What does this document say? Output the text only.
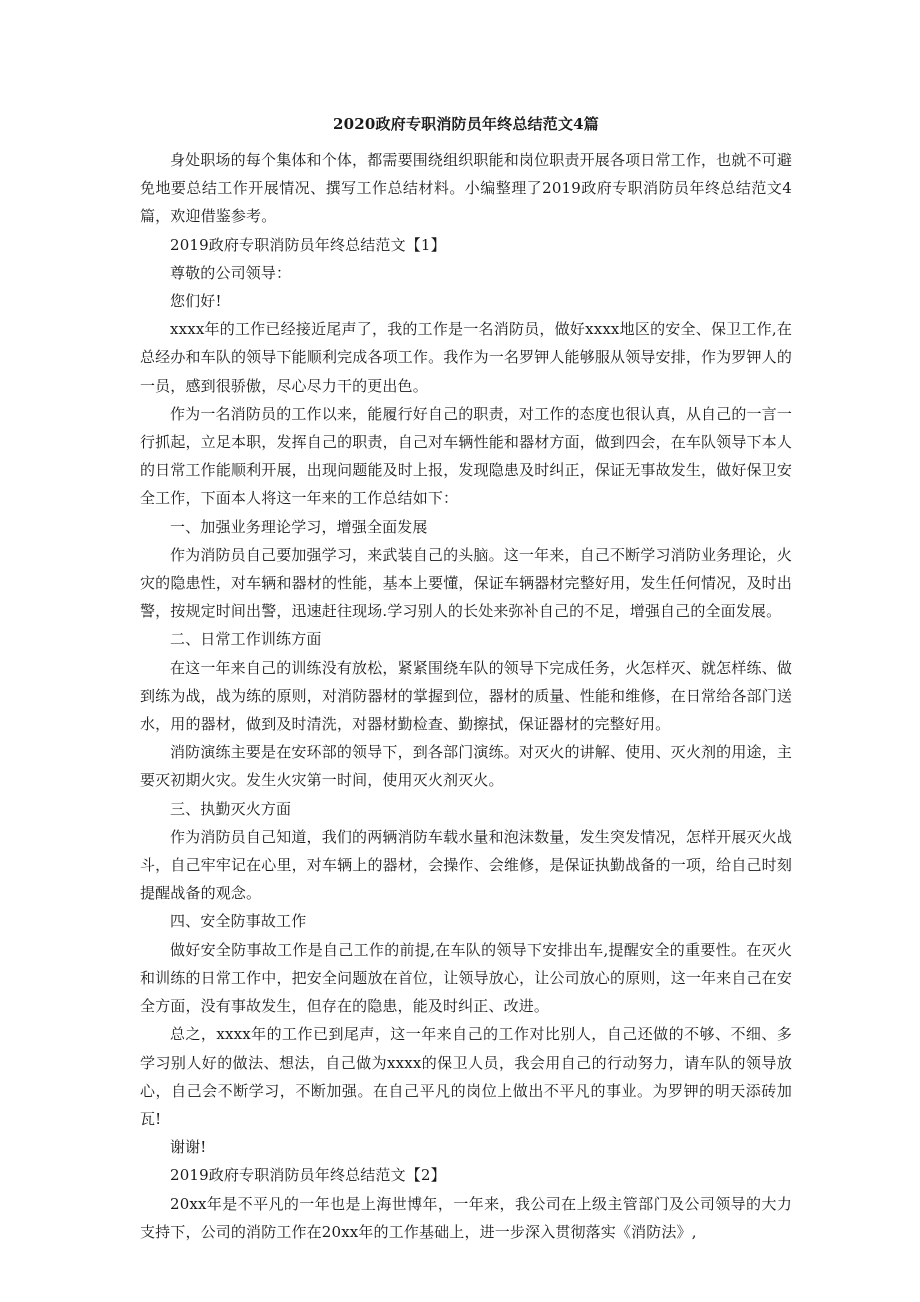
2020政府专职消防员年终总结范文4篇

身处职场的每个集体和个体，都需要围绕组织职能和岗位职责开展各项日常工作，也就不可避免地要总结工作开展情况、撰写工作总结材料。小编整理了2019政府专职消防员年终总结范文4篇，欢迎借鉴参考。

2019政府专职消防员年终总结范文【1】

尊敬的公司领导：

您们好!

xxxx年的工作已经接近尾声了，我的工作是一名消防员，做好xxxx地区的安全、保卫工作,在总经办和车队的领导下能顺利完成各项工作。我作为一名罗钾人能够服从领导安排，作为罗钾人的一员，感到很骄傲，尽心尽力干的更出色。

作为一名消防员的工作以来，能履行好自己的职责，对工作的态度也很认真，从自己的一言一行抓起，立足本职，发挥自己的职责，自己对车辆性能和器材方面，做到四会，在车队领导下本人的日常工作能顺利开展，出现问题能及时上报，发现隐患及时纠正，保证无事故发生，做好保卫安全工作，下面本人将这一年来的工作总结如下：

一、加强业务理论学习，增强全面发展

作为消防员自己要加强学习，来武装自己的头脑。这一年来，自己不断学习消防业务理论，火灾的隐患性，对车辆和器材的性能，基本上要懂，保证车辆器材完整好用，发生任何情况，及时出警，按规定时间出警，迅速赶往现场.学习别人的长处来弥补自己的不足，增强自己的全面发展。

二、日常工作训练方面

在这一年来自己的训练没有放松，紧紧围绕车队的领导下完成任务，火怎样灭、就怎样练、做到练为战，战为练的原则，对消防器材的掌握到位，器材的质量、性能和维修，在日常给各部门送水，用的器材，做到及时清洗，对器材勤检查、勤擦拭，保证器材的完整好用。

消防演练主要是在安环部的领导下，到各部门演练。对灭火的讲解、使用、灭火剂的用途，主要灭初期火灾。发生火灾第一时间，使用灭火剂灭火。

三、执勤灭火方面

作为消防员自己知道，我们的两辆消防车载水量和泡沫数量，发生突发情况，怎样开展灭火战斗，自己牢牢记在心里，对车辆上的器材，会操作、会维修，是保证执勤战备的一项，给自己时刻提醒战备的观念。

四、安全防事故工作

做好安全防事故工作是自己工作的前提,在车队的领导下安排出车,提醒安全的重要性。在灭火和训练的日常工作中，把安全问题放在首位，让领导放心，让公司放心的原则，这一年来自己在安全方面，没有事故发生，但存在的隐患，能及时纠正、改进。

总之，xxxx年的工作已到尾声，这一年来自己的工作对比别人，自己还做的不够、不细、多学习别人好的做法、想法，自己做为xxxx的保卫人员，我会用自己的行动努力，请车队的领导放心，自己会不断学习，不断加强。在自己平凡的岗位上做出不平凡的事业。为罗钾的明天添砖加瓦!

谢谢!

2019政府专职消防员年终总结范文【2】

20xx年是不平凡的一年也是上海世博年，一年来，我公司在上级主管部门及公司领导的大力支持下，公司的消防工作在20xx年的工作基础上，进一步深入贯彻落实《消防法》,
